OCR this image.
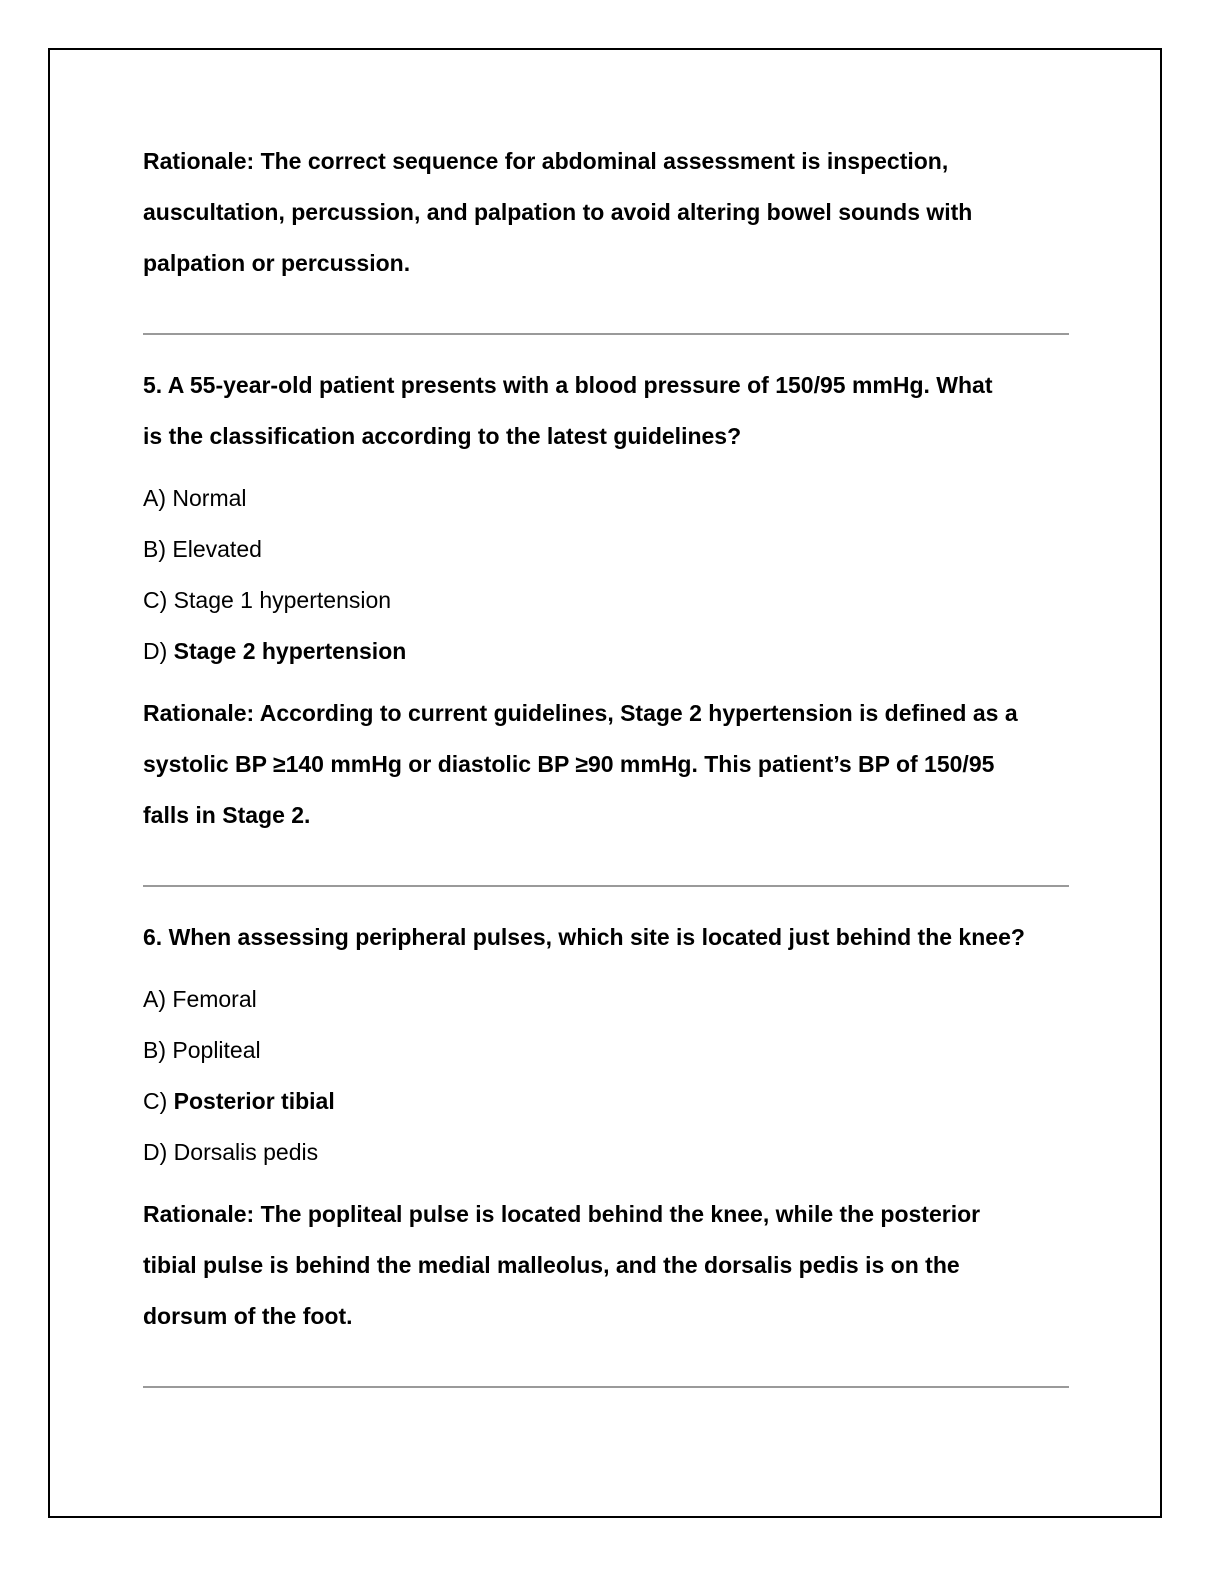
Rationale: The correct sequence for abdominal assessment is inspection,

auscultation, percussion, and palpation to avoid altering bowel sounds with

palpation or percussion.

5. A 55-year-old patient presents with a blood pressure of 150/95 mmHg. What

is the classification according to the latest guidelines?

A) Normal
B) Elevated
C) Stage 1 hypertension
D) Stage 2 hypertension

Rationale: According to current guidelines, Stage 2 hypertension is defined as a

systolic BP ≥140 mmHg or diastolic BP ≥90 mmHg. This patient’s BP of 150/95

falls in Stage 2.

6. When assessing peripheral pulses, which site is located just behind the knee?

A) Femoral
B) Popliteal
C) Posterior tibial
D) Dorsalis pedis

Rationale: The popliteal pulse is located behind the knee, while the posterior

tibial pulse is behind the medial malleolus, and the dorsalis pedis is on the

dorsum of the foot.
